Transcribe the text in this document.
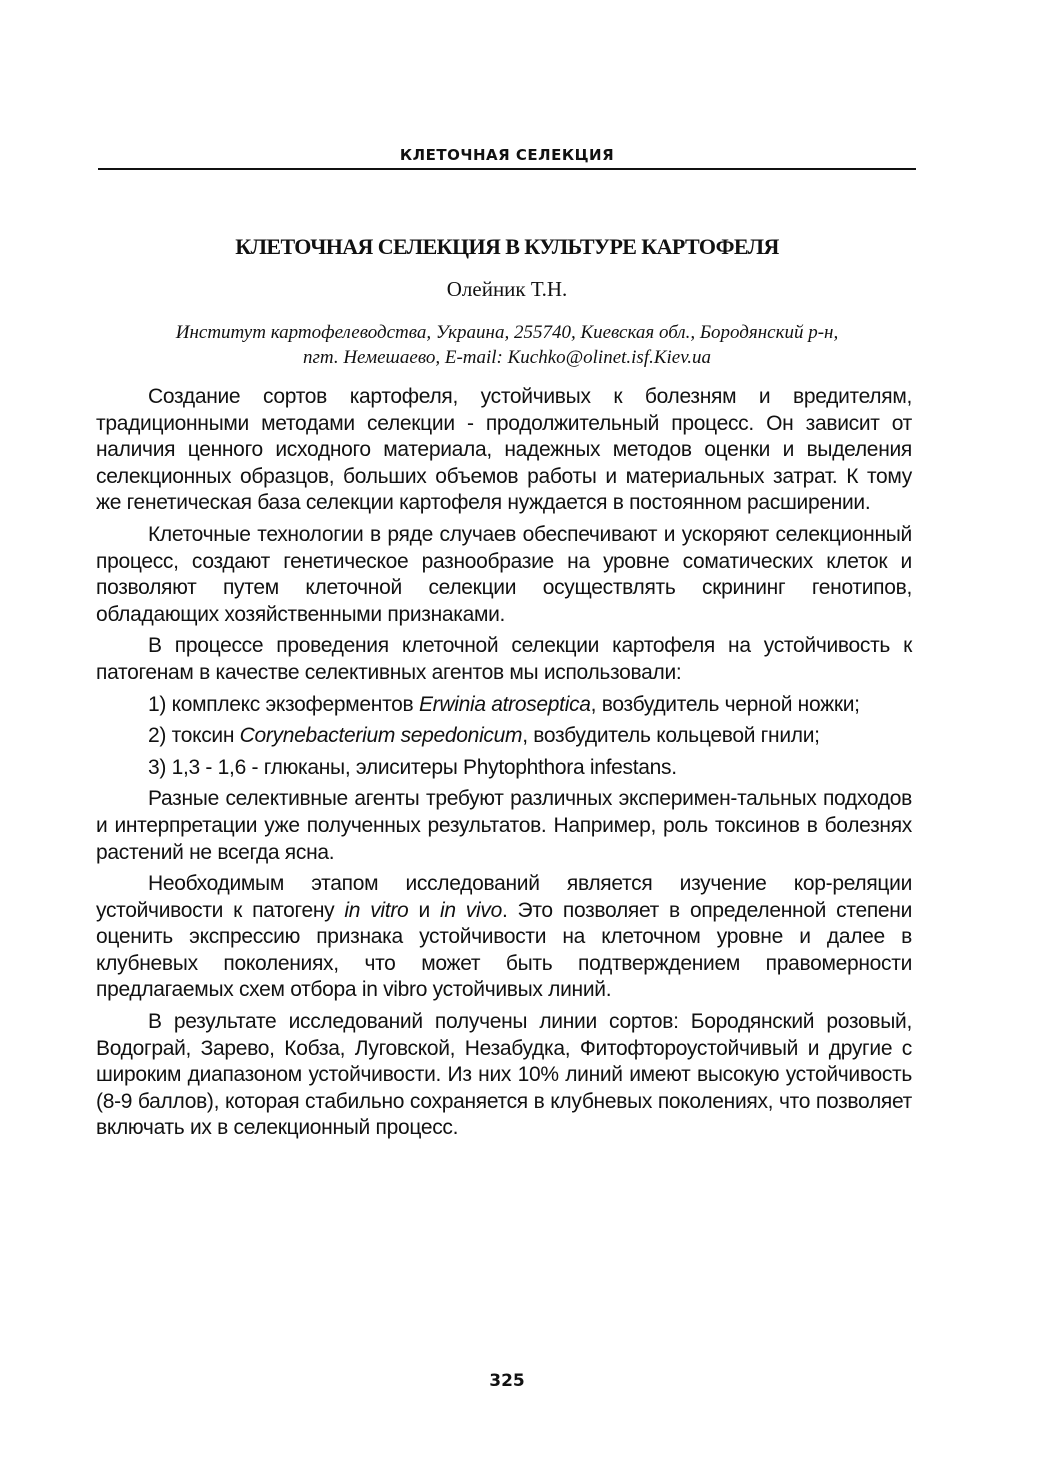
КЛЕТОЧНАЯ СЕЛЕКЦИЯ
КЛЕТОЧНАЯ СЕЛЕКЦИЯ В КУЛЬТУРЕ КАРТОФЕЛЯ
Олейник Т.Н.
Институт картофелеводства, Украина, 255740, Киевская обл., Бородянский р-н,
пгт. Немешаево, E-mail: Kuchko@olinet.isf.Kiev.ua

Создание сортов картофеля, устойчивых к болезням и вредителям, традиционными методами селекции - продолжительный процесс. Он зависит от наличия ценного исходного материала, надежных методов оценки и выделения селекционных образцов, больших объемов работы и материальных затрат. К тому же генетическая база селекции картофеля нуждается в постоянном расширении.

Клеточные технологии в ряде случаев обеспечивают и ускоряют селекционный процесс, создают генетическое разнообразие на уровне соматических клеток и позволяют путем клеточной селекции осуществлять скрининг генотипов, обладающих хозяйственными признаками.

В процессе проведения клеточной селекции картофеля на устойчивость к патогенам в качестве селективных агентов мы использовали:

1) комплекс экзоферментов Erwinia atroseptica, возбудитель черной ножки;

2) токсин Corynebacterium sepedonicum, возбудитель кольцевой гнили;

3) 1,3 - 1,6 - глюканы, элиситеры Phytophthora infestans.

Разные селективные агенты требуют различных эксперимен-тальных подходов и интерпретации уже полученных результатов. Например, роль токсинов в болезнях растений не всегда ясна.

Необходимым этапом исследований является изучение кор-реляции устойчивости к патогену in vitro и in vivo. Это позволяет в определенной степени оценить экспрессию признака устойчивости на клеточном уровне и далее в клубневых поколениях, что может быть подтверждением правомерности предлагаемых схем отбора in vibro устойчивых линий.

В результате исследований получены линии сортов: Бородянский розовый, Водограй, Зарево, Кобза, Луговской, Незабудка, Фитофтороустойчивый и другие с широким диапазоном устойчивости. Из них 10% линий имеют высокую устойчивость (8-9 баллов), которая стабильно сохраняется в клубневых поколениях, что позволяет включать их в селекционный процесс.

325
